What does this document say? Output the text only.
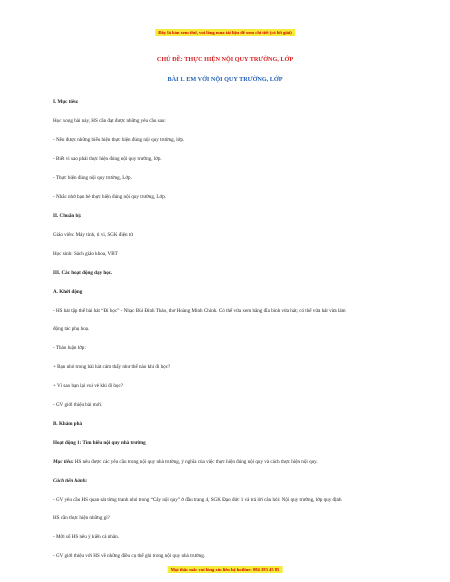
Đây là bản xem thử, vui lòng mua tài liệu để xem chi tiết (có lời giải)
CHỦ ĐỀ: THỰC HIỆN NỘI QUY TRƯỜNG, LỚP
BÀI 1. EM VỚI NỘI QUY TRƯỜNG, LỚP

I. Mục tiêu:

Học xong bài này, HS cần đạt được những yêu cầu sau:

- Nêu được những biểu hiện thực hiện đúng nội quy trường, lớp.

- Biết vì sao phải thực hiện đúng nội quy trường, lớp.

- Thực hiện đúng nội quy trường, Lớp.

- Nhắc nhở bạn bè thực hiện đúng nội quy trường, Lớp.

II. Chuẩn bị:

Giáo viên: Máy tính, ti vi, SGK điện tử

Học sinh: Sách giáo khoa, VBT

III. Các hoạt động dạy học.

A. Khởi động

- HS hát tập thể bài hát “Đi học” - Nhạc Bùi Đình Thảo, thơ Hoàng Minh Chính. Có thể vừa xem băng đĩa bình vừa hát; có thể vừa hát vừa làm
động tác phụ hoạ.

- Thảo luận lớp:

+ Bạn nhỏ trong bài hát cảm thấy như thế nào khi đi học?

+ Vì sao bạn lại vui vẻ khi đi học?

- GV giới thiệu bài mới.

B. Khám phá

Hoạt động 1: Tìm hiểu nội quy nhà trường

Mục tiêu: HS nêu được các yêu cầu trong nội quy nhà trường, ý nghĩa của việc thực hiện đúng nội quy và cách thực hiện nội quy.

Cách tiến hành:

- GV yêu cầu HS quan sát từng tranh nhỏ trong “Cây nội quy” ở đầu trang 4, SGK Đạo đức 1 và trả lời câu hỏi: Nội quy trường, lớp quy định
HS cần thực hiện những gì?

- Mời số HS nêu ý kiến cá nhân.

- GV giới thiệu với HS về những điều cụ thể ghi trong nội quy nhà trường.

Mọi thắc mắc vui lòng xin liên hệ hotline: 084 283 45 85
